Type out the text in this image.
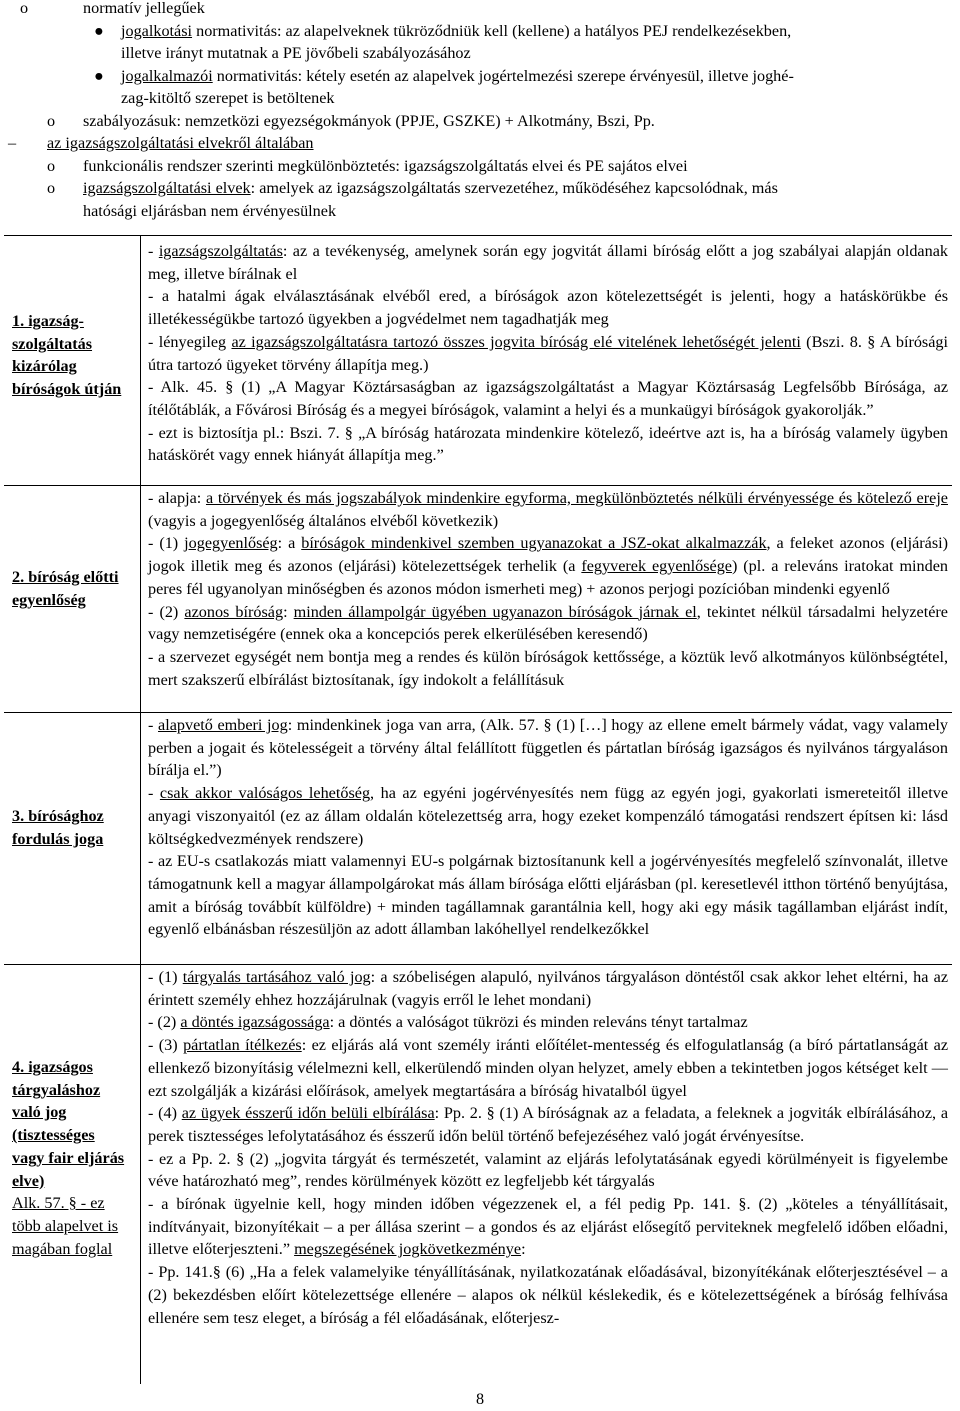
o	normatív jellegűek
● jogalkotási normativitás: az alapelveknek tükröződniük kell (kellene) a hatályos PEJ rendelkezésekben,
illetve irányt mutatnak a PE jövőbeli szabályozásához
● jogalkalmazói normativitás: kétely esetén az alapelvek jogértelmezési szerepe érvényesül, illetve joghé-
zag-kitöltő szerepet is betöltenek
o szabályozásuk: nemzetközi egyezségokmányok (PPJE, GSZKE) + Alkotmány, Bszi, Pp.
– az igazságszolgáltatási elvekről általában
o funkcionális rendszer szerinti megkülönböztetés: igazságszolgáltatás elvei és PE sajátos elvei
o igazságszolgáltatási elvek: amelyek az igazságszolgáltatás szervezetéhez, működéséhez kapcsolódnak, más
hatósági eljárásban nem érvényesülnek
1. igazság-szolgáltatás kizárólag bíróságok útján

- igazságszolgáltatás: az a tevékenység, amelynek során egy jogvitát állami bíróság előtt a jog szabályai alapján oldanak meg, illetve bírálnak el

- a hatalmi ágak elválasztásának elvéből ered, a bíróságok azon kötelezettségét is jelenti, hogy a hatáskörükbe és illetékességükbe tartozó ügyekben a jogvédelmet nem tagadhatják meg

- lényegileg az igazságszolgáltatásra tartozó összes jogvita bíróság elé vitelének lehetőségét jelenti (Bszi. 8. § A bírósági útra tartozó ügyeket törvény állapítja meg.)

- Alk. 45. § (1) „A Magyar Köztársaságban az igazságszolgáltatást a Magyar Köztársaság Legfelsőbb Bírósága, az ítélőtáblák, a Fővárosi Bíróság és a megyei bíróságok, valamint a helyi és a munkaügyi bíróságok gyakorolják.”

- ezt is biztosítja pl.: Bszi. 7. § „A bíróság határozata mindenkire kötelező, ideértve azt is, ha a bíróság valamely ügyben hatáskörét vagy ennek hiányát állapítja meg.”

2. bíróság előtti egyenlőség

- alapja: a törvények és más jogszabályok mindenkire egyforma, megkülönböztetés nélküli érvényessége és kötelező ereje (vagyis a jogegyenlőség általános elvéből következik)

- (1) jogegyenlőség: a bíróságok mindenkivel szemben ugyanazokat a JSZ-okat alkalmazzák, a feleket azonos (eljárási) jogok illetik meg és azonos (eljárási) kötelezettségek terhelik (a fegyverek egyenlősége) (pl. a releváns iratokat minden peres fél ugyanolyan minőségben és azonos módon ismerheti meg) + azonos perjogi pozícióban mindenki egyenlő

- (2) azonos bíróság: minden állampolgár ügyében ugyanazon bíróságok járnak el, tekintet nélkül társadalmi helyzetére vagy nemzetiségére (ennek oka a koncepciós perek elkerülésében keresendő)

- a szervezet egységét nem bontja meg a rendes és külön bíróságok kettőssége, a köztük levő alkotmányos különbségtétel, mert szakszerű elbírálást biztosítanak, így indokolt a felállításuk

3. bírósághoz fordulás joga

- alapvető emberi jog: mindenkinek joga van arra, (Alk. 57. § (1) […] hogy az ellene emelt bármely vádat, vagy valamely perben a jogait és kötelességeit a törvény által felállított független és pártatlan bíróság igazságos és nyilvános tárgyaláson bírálja el.”)

- csak akkor valóságos lehetőség, ha az egyéni jogérvényesítés nem függ az egyén jogi, gyakorlati ismereteitől illetve anyagi viszonyaitól (ez az állam oldalán kötelezettség arra, hogy ezeket kompenzáló támogatási rendszert építsen ki: lásd költségkedvezmények rendszere)

- az EU-s csatlakozás miatt valamennyi EU-s polgárnak biztosítanunk kell a jogérvényesítés megfelelő színvonalát, illetve támogatnunk kell a magyar állampolgárokat más állam bírósága előtti eljárásban (pl. keresetlevél itthon történő benyújtása, amit a bíróság továbbít külföldre) + minden tagállamnak garantálnia kell, hogy aki egy másik tagállamban eljárást indít, egyenlő elbánásban részesüljön az adott államban lakóhellyel rendelkezőkkel

4. igazságos tárgyaláshoz való jog (tisztességes vagy fair eljárás elve)
Alk. 57. § - ez több alapelvet is magában foglal

- (1) tárgyalás tartásához való jog: a szóbeliségen alapuló, nyilvános tárgyaláson döntéstől csak akkor lehet eltérni, ha az érintett személy ehhez hozzájárulnak (vagyis erről le lehet mondani)

- (2) a döntés igazságossága: a döntés a valóságot tükrözi és minden releváns tényt tartalmaz

- (3) pártatlan ítélkezés: ez eljárás alá vont személy iránti előítélet-mentesség és elfogulatlanság (a bíró pártatlanságát az ellenkező bizonyításig vélelmezni kell, elkerülendő minden olyan helyzet, amely ebben a tekintetben jogos kétséget kelt — ezt szolgálják a kizárási előírások, amelyek megtartására a bíróság hivatalból ügyel

- (4) az ügyek ésszerű időn belüli elbírálása: Pp. 2. § (1) A bíróságnak az a feladata, a feleknek a jogviták elbírálásához, a perek tisztességes lefolytatásához és ésszerű időn belül történő befejezéséhez való jogát érvényesítse.

- ez a Pp. 2. § (2) „jogvita tárgyát és természetét, valamint az eljárás lefolytatásának egyedi körülményeit is figyelembe véve határozható meg”, rendes körülmények között ez legfeljebb két tárgyalás

- a bírónak ügyelnie kell, hogy minden időben végezzenek el, a fél pedig Pp. 141. §. (2) „köteles a tényállításait, indítványait, bizonyítékait – a per állása szerint – a gondos és az eljárást elősegítő perviteknek megfelelő időben előadni, illetve előterjeszteni.” megszegésének jogkövetkezménye:

- Pp. 141.§ (6) „Ha a felek valamelyike tényállításának, nyilatkozatának előadásával, bizonyítékának előterjesztésével – a (2) bekezdésben előírt kötelezettsége ellenére – alapos ok nélkül késlekedik, és e kötelezettségének a bíróság felhívása ellenére sem tesz eleget, a bíróság a fél előadásának, előterjesz-

8
